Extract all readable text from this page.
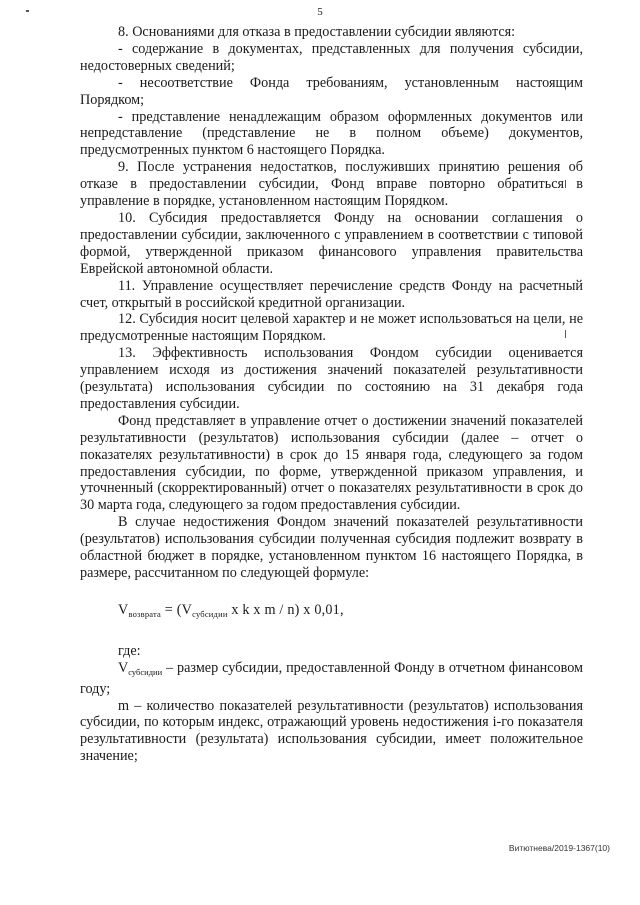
5

8. Основаниями для отказа в предоставлении субсидии являются:

- содержание в документах, представленных для получения субсидии, недостоверных сведений;

- несоответствие Фонда требованиям, установленным настоящим Порядком;

- представление ненадлежащим образом оформленных документов или непредставление (представление не в полном объеме) документов, предусмотренных пунктом 6 настоящего Порядка.

9. После устранения недостатков, послуживших принятию решения об отказе в предоставлении субсидии, Фонд вправе повторно обратиться в управление в порядке, установленном настоящим Порядком.

10. Субсидия предоставляется Фонду на основании соглашения о предоставлении субсидии, заключенного с управлением в соответствии с типовой формой, утвержденной приказом финансового управления правительства Еврейской автономной области.

11. Управление осуществляет перечисление средств Фонду на расчетный счет, открытый в российской кредитной организации.

12. Субсидия носит целевой характер и не может использоваться на цели, не предусмотренные настоящим Порядком.

13. Эффективность использования Фондом субсидии оценивается управлением исходя из достижения значений показателей результативности (результата) использования субсидии по состоянию на 31 декабря года предоставления субсидии.

Фонд представляет в управление отчет о достижении значений показателей результативности (результатов) использования субсидии (далее – отчет о показателях результативности) в срок до 15 января года, следующего за годом предоставления субсидии, по форме, утвержденной приказом управления, и уточненный (скорректированный) отчет о показателях результативности в срок до 30 марта года, следующего за годом предоставления субсидии.

В случае недостижения Фондом значений показателей результативности (результатов) использования субсидии полученная субсидия подлежит возврату в областной бюджет в порядке, установленном пунктом 16 настоящего Порядка, в размере, рассчитанном по следующей формуле:

$V_{возврата} = (V_{субсидии}$ x k x m / n) x 0,01,

где:

$V_{субсидии}$ – размер субсидии, предоставленной Фонду в отчетном финансовом году;

m – количество показателей результативности (результатов) использования субсидии, по которым индекс, отражающий уровень недостижения i-го показателя результативности (результата) использования субсидии, имеет положительное значение;

Витютнева/2019-1367(10)
